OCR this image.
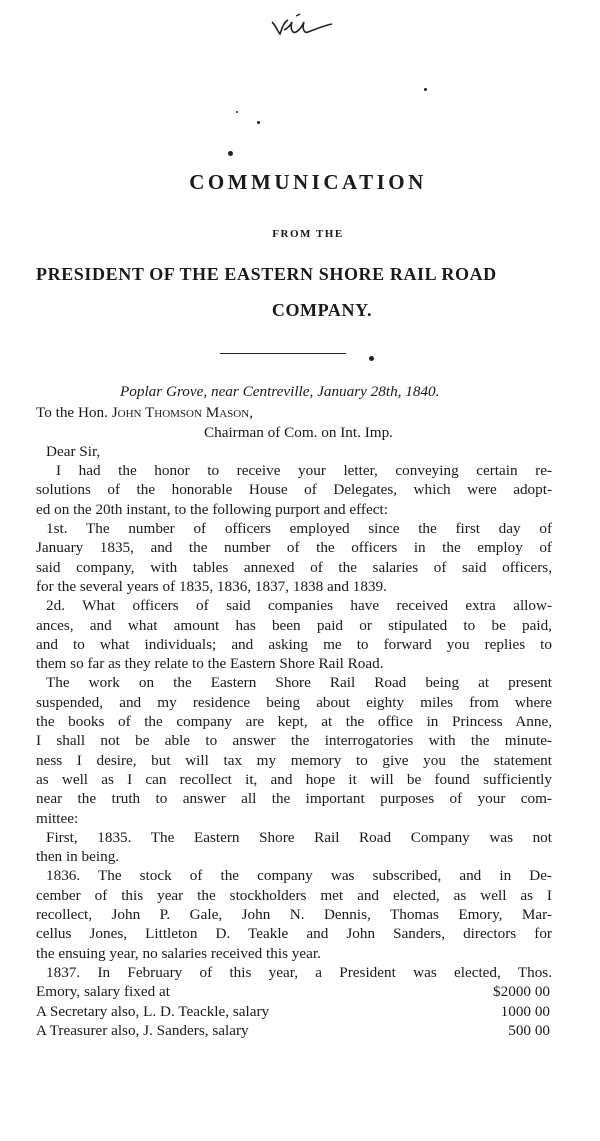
COMMUNICATION
FROM THE
PRESIDENT OF THE EASTERN SHORE RAIL ROAD
COMPANY.
Poplar Grove, near Centreville, January 28th, 1840.
To the Hon. John Thomson Mason,
Chairman of Com. on Int. Imp.
Dear Sir,
I had the honor to receive your letter, conveying certain re-
solutions of the honorable House of Delegates, which were adopt-
ed on the 20th instant, to the following purport and effect:
1st. The number of officers employed since the first day of
January 1835, and the number of the officers in the employ of
said company, with tables annexed of the salaries of said officers,
for the several years of 1835, 1836, 1837, 1838 and 1839.
2d. What officers of said companies have received extra allow-
ances, and what amount has been paid or stipulated to be paid,
and to what individuals; and asking me to forward you replies to
them so far as they relate to the Eastern Shore Rail Road.
The work on the Eastern Shore Rail Road being at present
suspended, and my residence being about eighty miles from where
the books of the company are kept, at the office in Princess Anne,
I shall not be able to answer the interrogatories with the minute-
ness I desire, but will tax my memory to give you the statement
as well as I can recollect it, and hope it will be found sufficiently
near the truth to answer all the important purposes of your com-
mittee:
First, 1835. The Eastern Shore Rail Road Company was not
then in being.
1836. The stock of the company was subscribed, and in De-
cember of this year the stockholders met and elected, as well as I
recollect, John P. Gale, John N. Dennis, Thomas Emory, Mar-
cellus Jones, Littleton D. Teakle and John Sanders, directors for
the ensuing year, no salaries received this year.
1837. In February of this year, a President was elected, Thos.
Emory, salary fixed at	$2000 00
A Secretary also, L. D. Teackle, salary	1000 00
A Treasurer also, J. Sanders, salary	500 00
